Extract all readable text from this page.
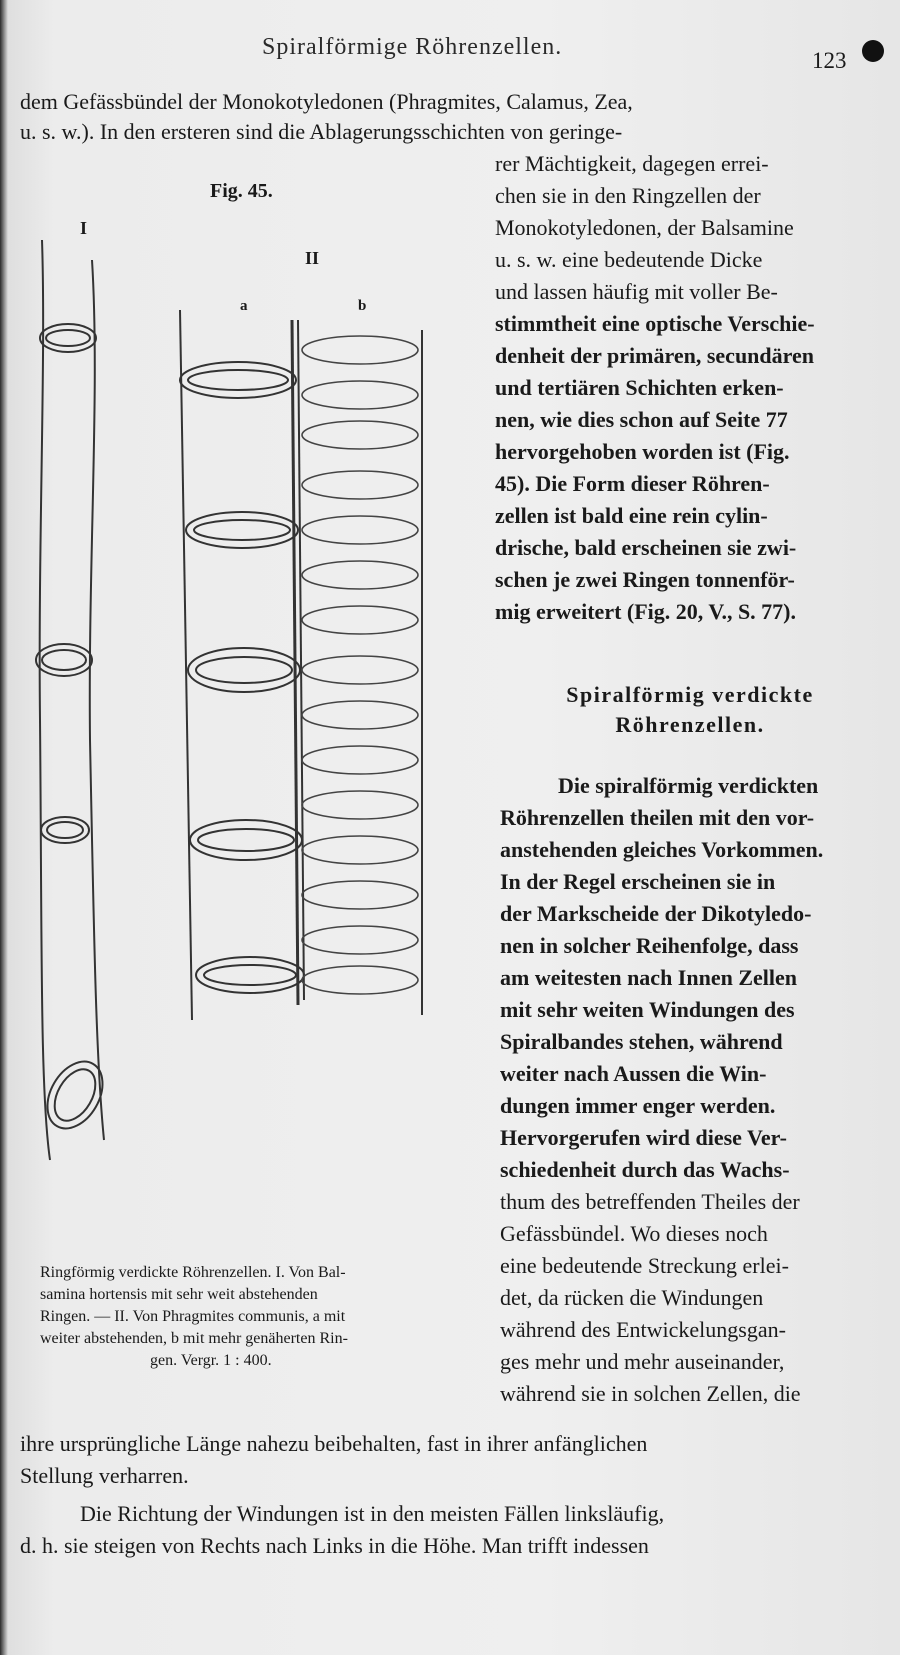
Spiralförmige Röhrenzellen.
123
dem Gefässbündel der Monokotyledonen (Phragmites, Calamus, Zea,
u. s. w.). In den ersteren sind die Ablagerungsschichten von geringe-
Fig. 45.
I
II
a	b
rer Mächtigkeit, dagegen errei-
chen sie in den Ringzellen der
Monokotyledonen, der Balsamine
u. s. w. eine bedeutende Dicke
und lassen häufig mit voller Be-
stimmtheit eine optische Verschie-
denheit der primären, secundären
und tertiären Schichten erken-
nen, wie dies schon auf Seite 77
hervorgehoben worden ist (Fig.
45). Die Form dieser Röhren-
zellen ist bald eine rein cylin-
drische, bald erscheinen sie zwi-
schen je zwei Ringen tonnenför-
mig erweitert (Fig. 20, V., S. 77).
Spiralförmig verdickte
Röhrenzellen.
Die spiralförmig verdickten
Röhrenzellen theilen mit den vor-
anstehenden gleiches Vorkommen.
In der Regel erscheinen sie in
der Markscheide der Dikotyledo-
nen in solcher Reihenfolge, dass
am weitesten nach Innen Zellen
mit sehr weiten Windungen des
Spiralbandes stehen, während
weiter nach Aussen die Win-
dungen immer enger werden.
Hervorgerufen wird diese Ver-
schiedenheit durch das Wachs-
thum des betreffenden Theiles der
Gefässbündel. Wo dieses noch
eine bedeutende Streckung erlei-
det, da rücken die Windungen
während des Entwickelungsgan-
ges mehr und mehr auseinander,
während sie in solchen Zellen, die
Ringförmig verdickte Röhrenzellen. I. Von Bal-
samina hortensis mit sehr weit abstehenden
Ringen. — II. Von Phragmites communis, a mit
weiter abstehenden, b mit mehr genäherten Rin-
gen. Vergr. 1 : 400.
ihre ursprüngliche Länge nahezu beibehalten, fast in ihrer anfänglichen
Stellung verharren.
Die Richtung der Windungen ist in den meisten Fällen linksläufig,
d. h. sie steigen von Rechts nach Links in die Höhe. Man trifft indessen
